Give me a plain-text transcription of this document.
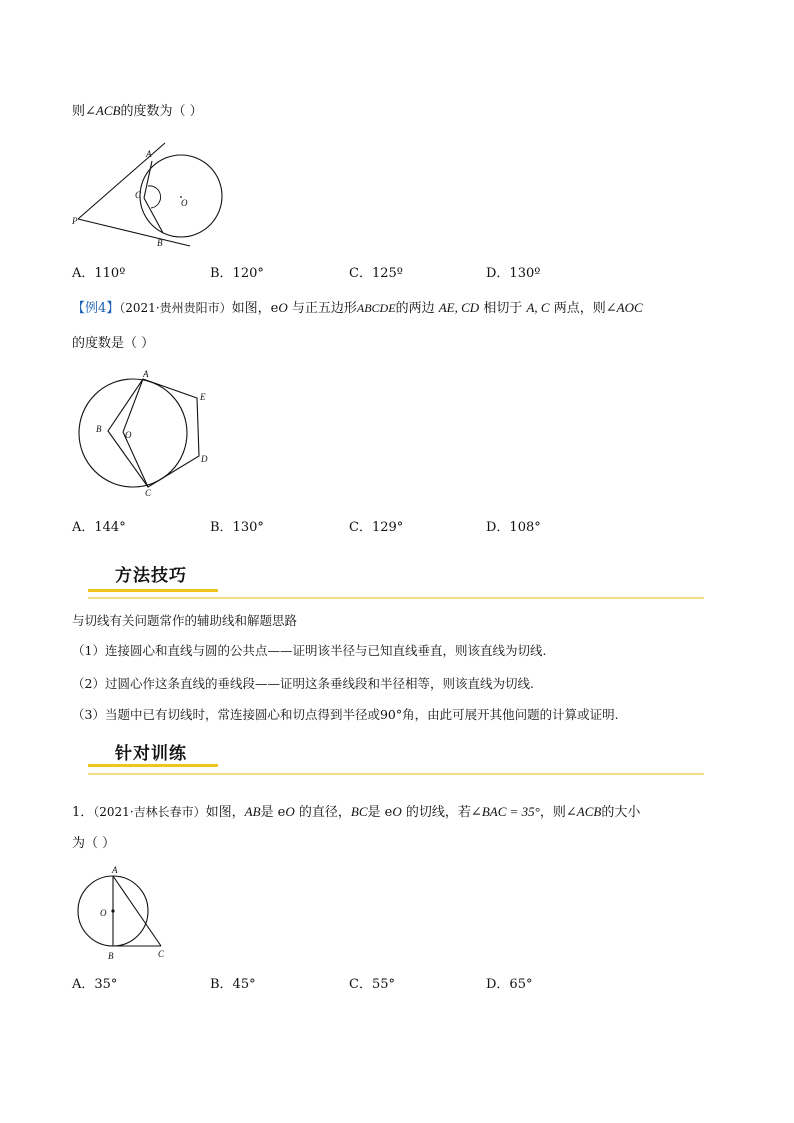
则∠ACB的度数为（ ）
A
C
O
P
B
A．110º	B．120°	C．125º	D．130º
【例4】（2021·贵州贵阳市）如图，eO 与正五边形ABCDE的两边 AE, CD 相切于 A, C 两点，则∠AOC
的度数是（ ）
A
E
B
O
D
C
A．144°	B．130°	C．129°	D．108°
方法技巧
与切线有关问题常作的辅助线和解题思路
（1）连接圆心和直线与圆的公共点——证明该半径与已知直线垂直，则该直线为切线.
（2）过圆心作这条直线的垂线段——证明这条垂线段和半径相等，则该直线为切线.
（3）当题中已有切线时，常连接圆心和切点得到半径或90°角，由此可展开其他问题的计算或证明.
针对训练
1．（2021·吉林长春市）如图，AB是 eO 的直径，BC是 eO 的切线，若∠BAC = 35°，则∠ACB的大小
为（ ）
A
O
B	C
A．35°	B．45°	C．55°	D．65°
